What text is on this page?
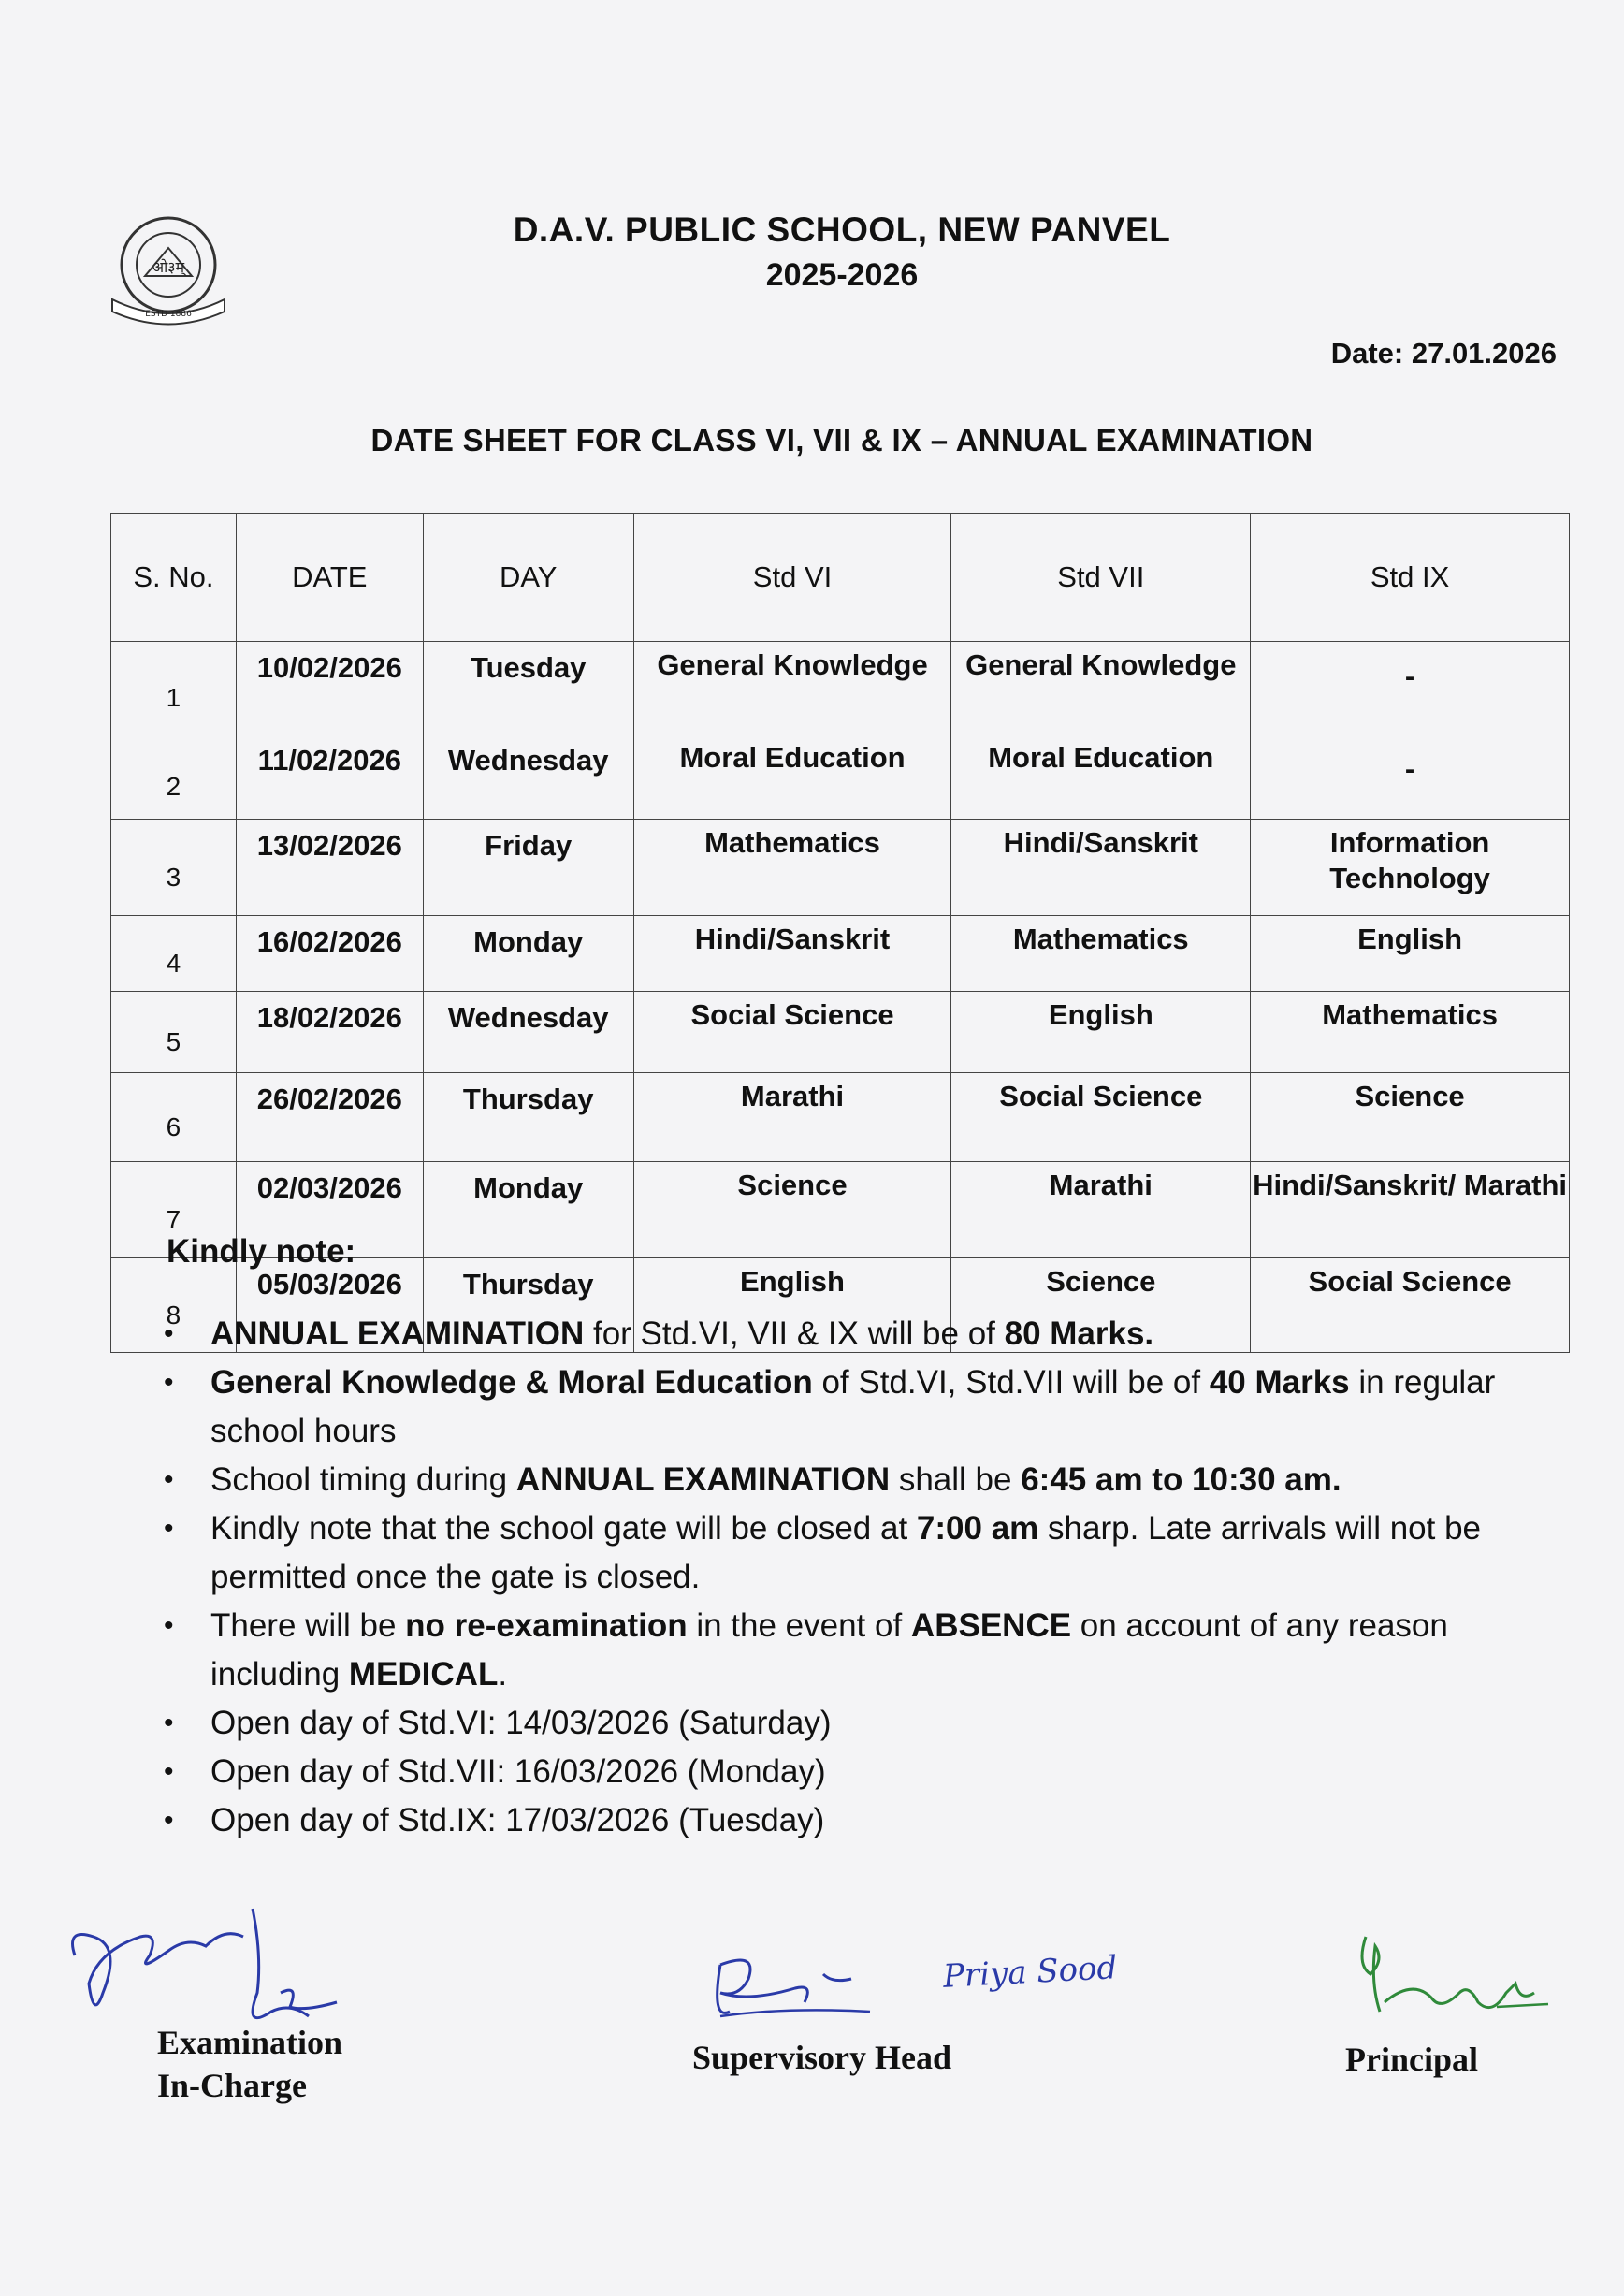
ओ३म्
ESTD 1886
D.A.V. PUBLIC SCHOOL, NEW PANVEL
2025-2026
Date: 27.01.2026
DATE SHEET FOR CLASS VI, VII & IX – ANNUAL EXAMINATION
S. No.	DATE	DAY	Std VI	Std VII	Std IX
1	10/02/2026	Tuesday	General Knowledge	General Knowledge	-
2	11/02/2026	Wednesday	Moral Education	Moral Education	-
3	13/02/2026	Friday	Mathematics	Hindi/Sanskrit	Information Technology
4	16/02/2026	Monday	Hindi/Sanskrit	Mathematics	English
5	18/02/2026	Wednesday	Social Science	English	Mathematics
6	26/02/2026	Thursday	Marathi	Social Science	Science
7	02/03/2026	Monday	Science	Marathi	Hindi/Sanskrit/ Marathi
8	05/03/2026	Thursday	English	Science	Social Science
Kindly note:
• ANNUAL EXAMINATION for Std.VI, VII & IX will be of 80 Marks.
• General Knowledge & Moral Education of Std.VI, Std.VII will be of 40 Marks in regular school hours
• School timing during ANNUAL EXAMINATION shall be 6:45 am to 10:30 am.
• Kindly note that the school gate will be closed at 7:00 am sharp. Late arrivals will not be permitted once the gate is closed.
• There will be no re-examination in the event of ABSENCE on account of any reason including MEDICAL.
• Open day of Std.VI: 14/03/2026 (Saturday)
• Open day of Std.VII: 16/03/2026 (Monday)
• Open day of Std.IX: 17/03/2026 (Tuesday)
Examination
In-Charge
Priya Sood
Supervisory Head	Principal
